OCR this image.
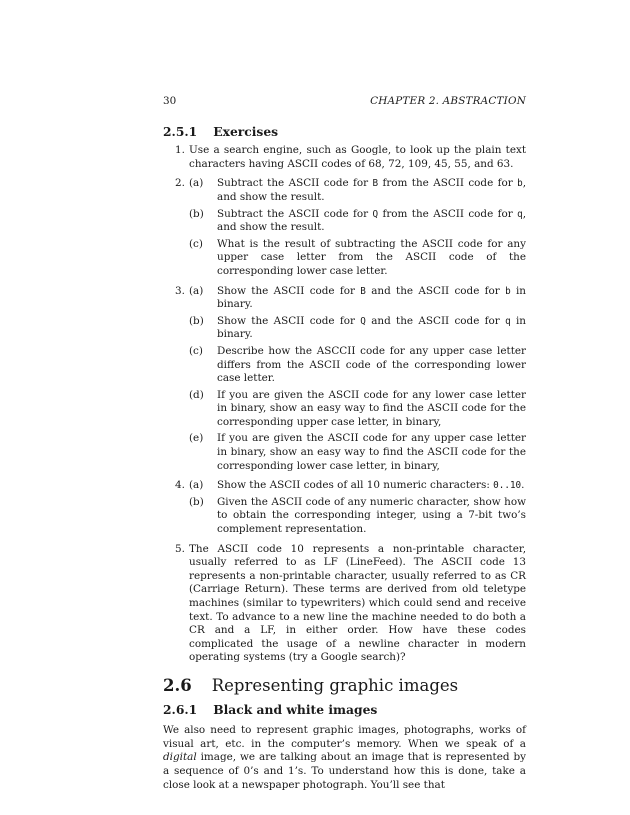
30	CHAPTER 2. ABSTRACTION
2.5.1 Exercises
1. Use a search engine, such as Google, to look up the plain text characters having ASCII codes of 68, 72, 109, 45, 55, and 63.
2. (a) Subtract the ASCII code for B from the ASCII code for b, and show the result.
(b) Subtract the ASCII code for Q from the ASCII code for q, and show the result.
(c) What is the result of subtracting the ASCII code for any upper case letter from the ASCII code of the corresponding lower case letter.
3. (a) Show the ASCII code for B and the ASCII code for b in binary.
(b) Show the ASCII code for Q and the ASCII code for q in binary.
(c) Describe how the ASCCII code for any upper case letter differs from the ASCII code of the corresponding lower case letter.
(d) If you are given the ASCII code for any lower case letter in binary, show an easy way to find the ASCII code for the corresponding upper case letter, in binary,
(e) If you are given the ASCII code for any upper case letter in binary, show an easy way to find the ASCII code for the corresponding lower case letter, in binary,
4. (a) Show the ASCII codes of all 10 numeric characters: 0..10.
(b) Given the ASCII code of any numeric character, show how to obtain the corresponding integer, using a 7-bit two’s complement representation.
5. The ASCII code 10 represents a non-printable character, usually referred to as LF (LineFeed). The ASCII code 13 represents a non-printable character, usually referred to as CR (Carriage Return). These terms are derived from old teletype machines (similar to typewriters) which could send and receive text. To advance to a new line the machine needed to do both a CR and a LF, in either order. How have these codes complicated the usage of a newline character in modern operating systems (try a Google search)?
2.6 Representing graphic images
2.6.1 Black and white images

We also need to represent graphic images, photographs, works of visual art, etc. in the computer’s memory. When we speak of a digital image, we are talking about an image that is represented by a sequence of 0’s and 1’s. To understand how this is done, take a close look at a newspaper photograph. You’ll see that
